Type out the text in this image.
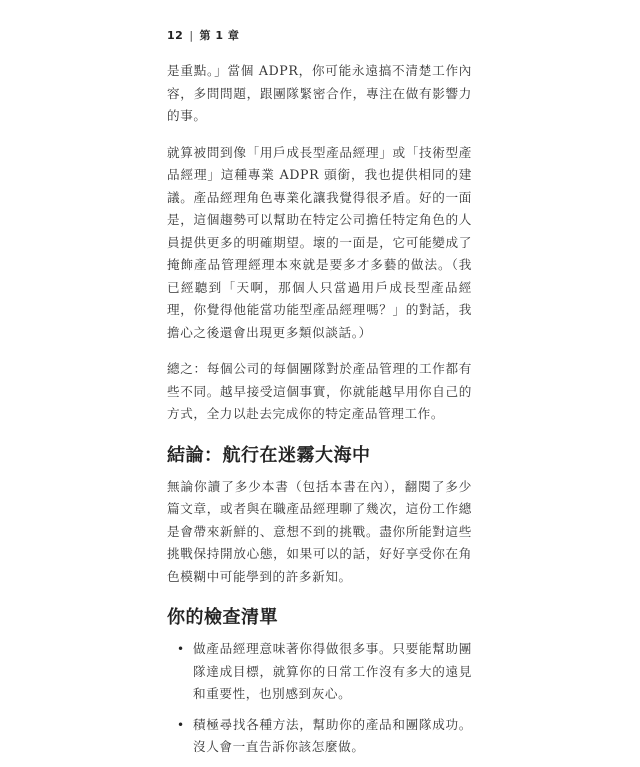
12 | 第 1 章

是重點。」當個 ADPR，你可能永遠搞不清楚工作內容，多問問題，跟團隊緊密合作，專注在做有影響力的事。

就算被問到像「用戶成長型產品經理」或「技術型產品經理」這種專業 ADPR 頭銜，我也提供相同的建議。產品經理角色專業化讓我覺得很矛盾。好的一面是，這個趨勢可以幫助在特定公司擔任特定角色的人員提供更多的明確期望。壞的一面是，它可能變成了掩飾產品管理經理本來就是要多才多藝的做法。（我已經聽到「天啊，那個人只當過用戶成長型產品經理，你覺得他能當功能型產品經理嗎？」的對話，我擔心之後還會出現更多類似談話。）

總之：每個公司的每個團隊對於產品管理的工作都有些不同。越早接受這個事實，你就能越早用你自己的方式，全力以赴去完成你的特定產品管理工作。

結論：航行在迷霧大海中

無論你讀了多少本書（包括本書在內），翻閱了多少篇文章，或者與在職產品經理聊了幾次，這份工作總是會帶來新鮮的、意想不到的挑戰。盡你所能對這些挑戰保持開放心態，如果可以的話，好好享受你在角色模糊中可能學到的許多新知。

你的檢查清單
• 做產品經理意味著你得做很多事。只要能幫助團隊達成目標，就算你的日常工作沒有多大的遠見和重要性，也別感到灰心。
• 積極尋找各種方法，幫助你的產品和團隊成功。沒人會一直告訴你該怎麼做。
